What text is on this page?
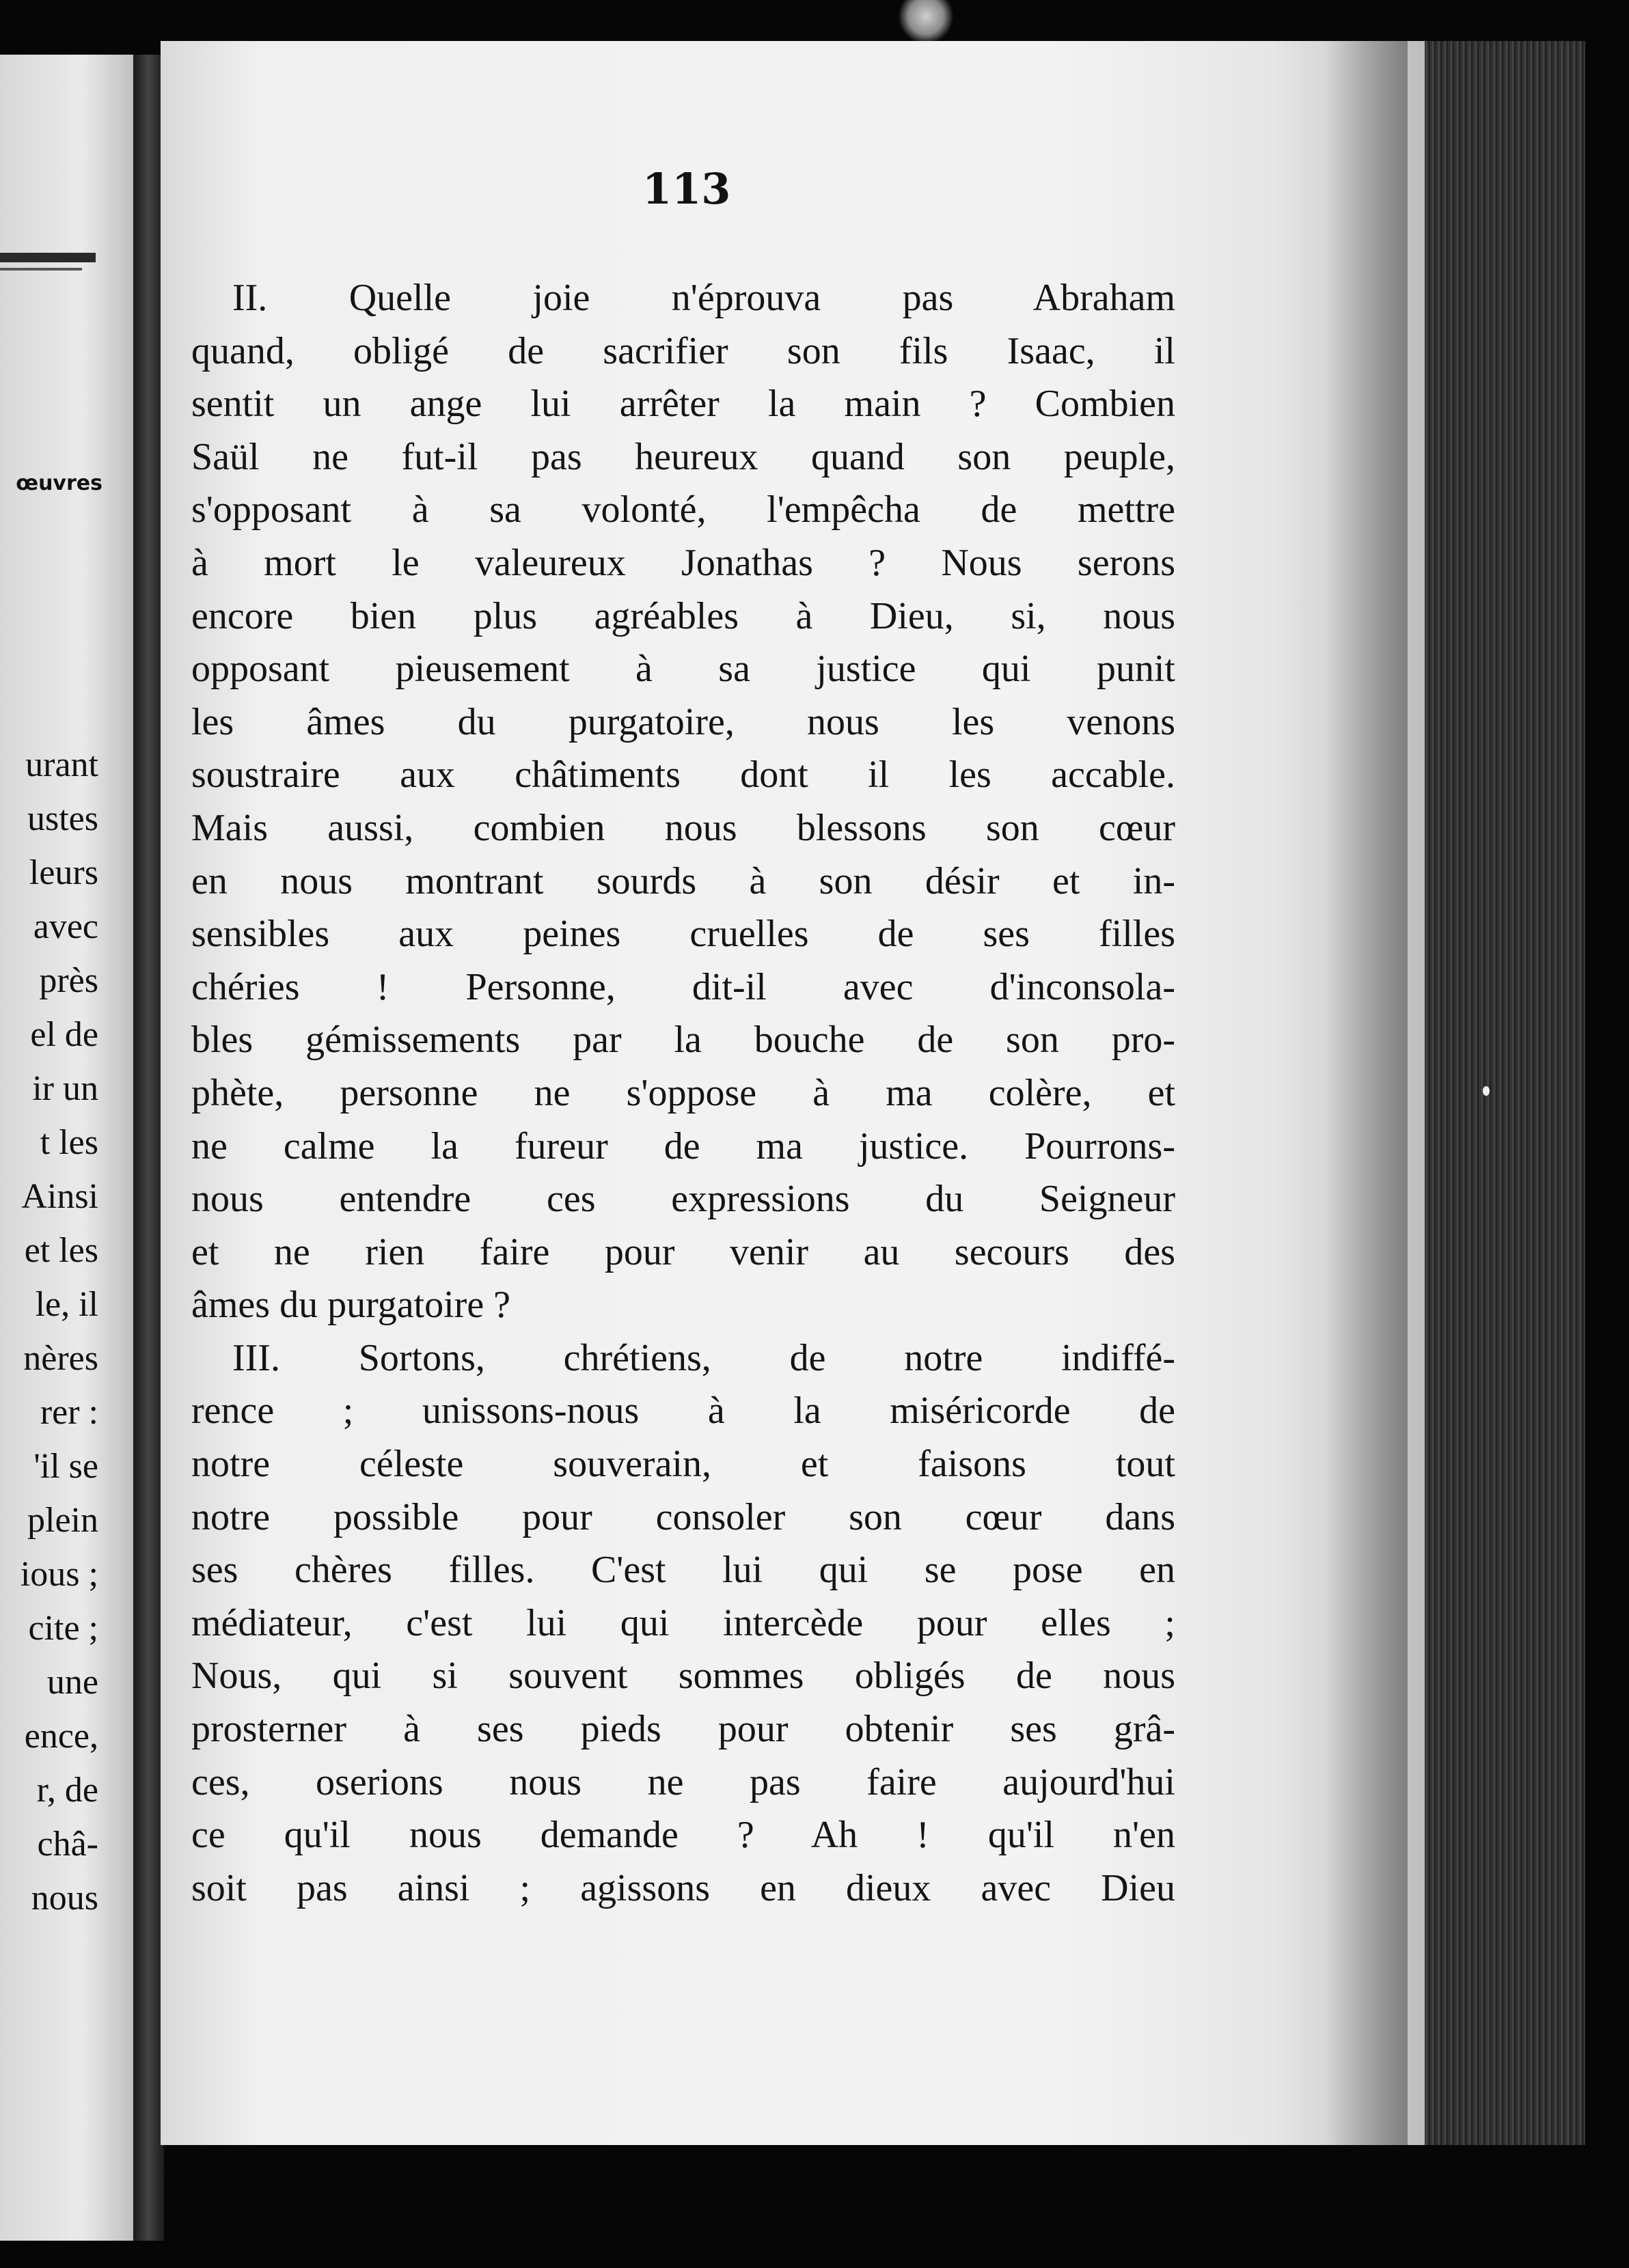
œuvres
urant
ustes
leurs
avec
près
el de
ir un
t les
Ainsi
et les
le, il
nères
rer :
'il se
plein
ious ;
cite ;
une
ence,
r, de
châ-
nous
113
II. Quelle joie n'éprouva pas Abraham
quand, obligé de sacrifier son fils Isaac, il
sentit un ange lui arrêter la main ? Combien
Saül ne fut-il pas heureux quand son peuple,
s'opposant à sa volonté, l'empêcha de mettre
à mort le valeureux Jonathas ? Nous serons
encore bien plus agréables à Dieu, si, nous
opposant pieusement à sa justice qui punit
les âmes du purgatoire, nous les venons
soustraire aux châtiments dont il les accable.
Mais aussi, combien nous blessons son cœur
en nous montrant sourds à son désir et in-
sensibles aux peines cruelles de ses filles
chéries ! Personne, dit-il avec d'inconsola-
bles gémissements par la bouche de son pro-
phète, personne ne s'oppose à ma colère, et
ne calme la fureur de ma justice. Pourrons-
nous entendre ces expressions du Seigneur
et ne rien faire pour venir au secours des
âmes du purgatoire ?
III. Sortons, chrétiens, de notre indiffé-
rence ; unissons-nous à la miséricorde de
notre céleste souverain, et faisons tout
notre possible pour consoler son cœur dans
ses chères filles. C'est lui qui se pose en
médiateur, c'est lui qui intercède pour elles ;
Nous, qui si souvent sommes obligés de nous
prosterner à ses pieds pour obtenir ses grâ-
ces, oserions nous ne pas faire aujourd'hui
ce qu'il nous demande ? Ah ! qu'il n'en
soit pas ainsi ; agissons en dieux avec Dieu
